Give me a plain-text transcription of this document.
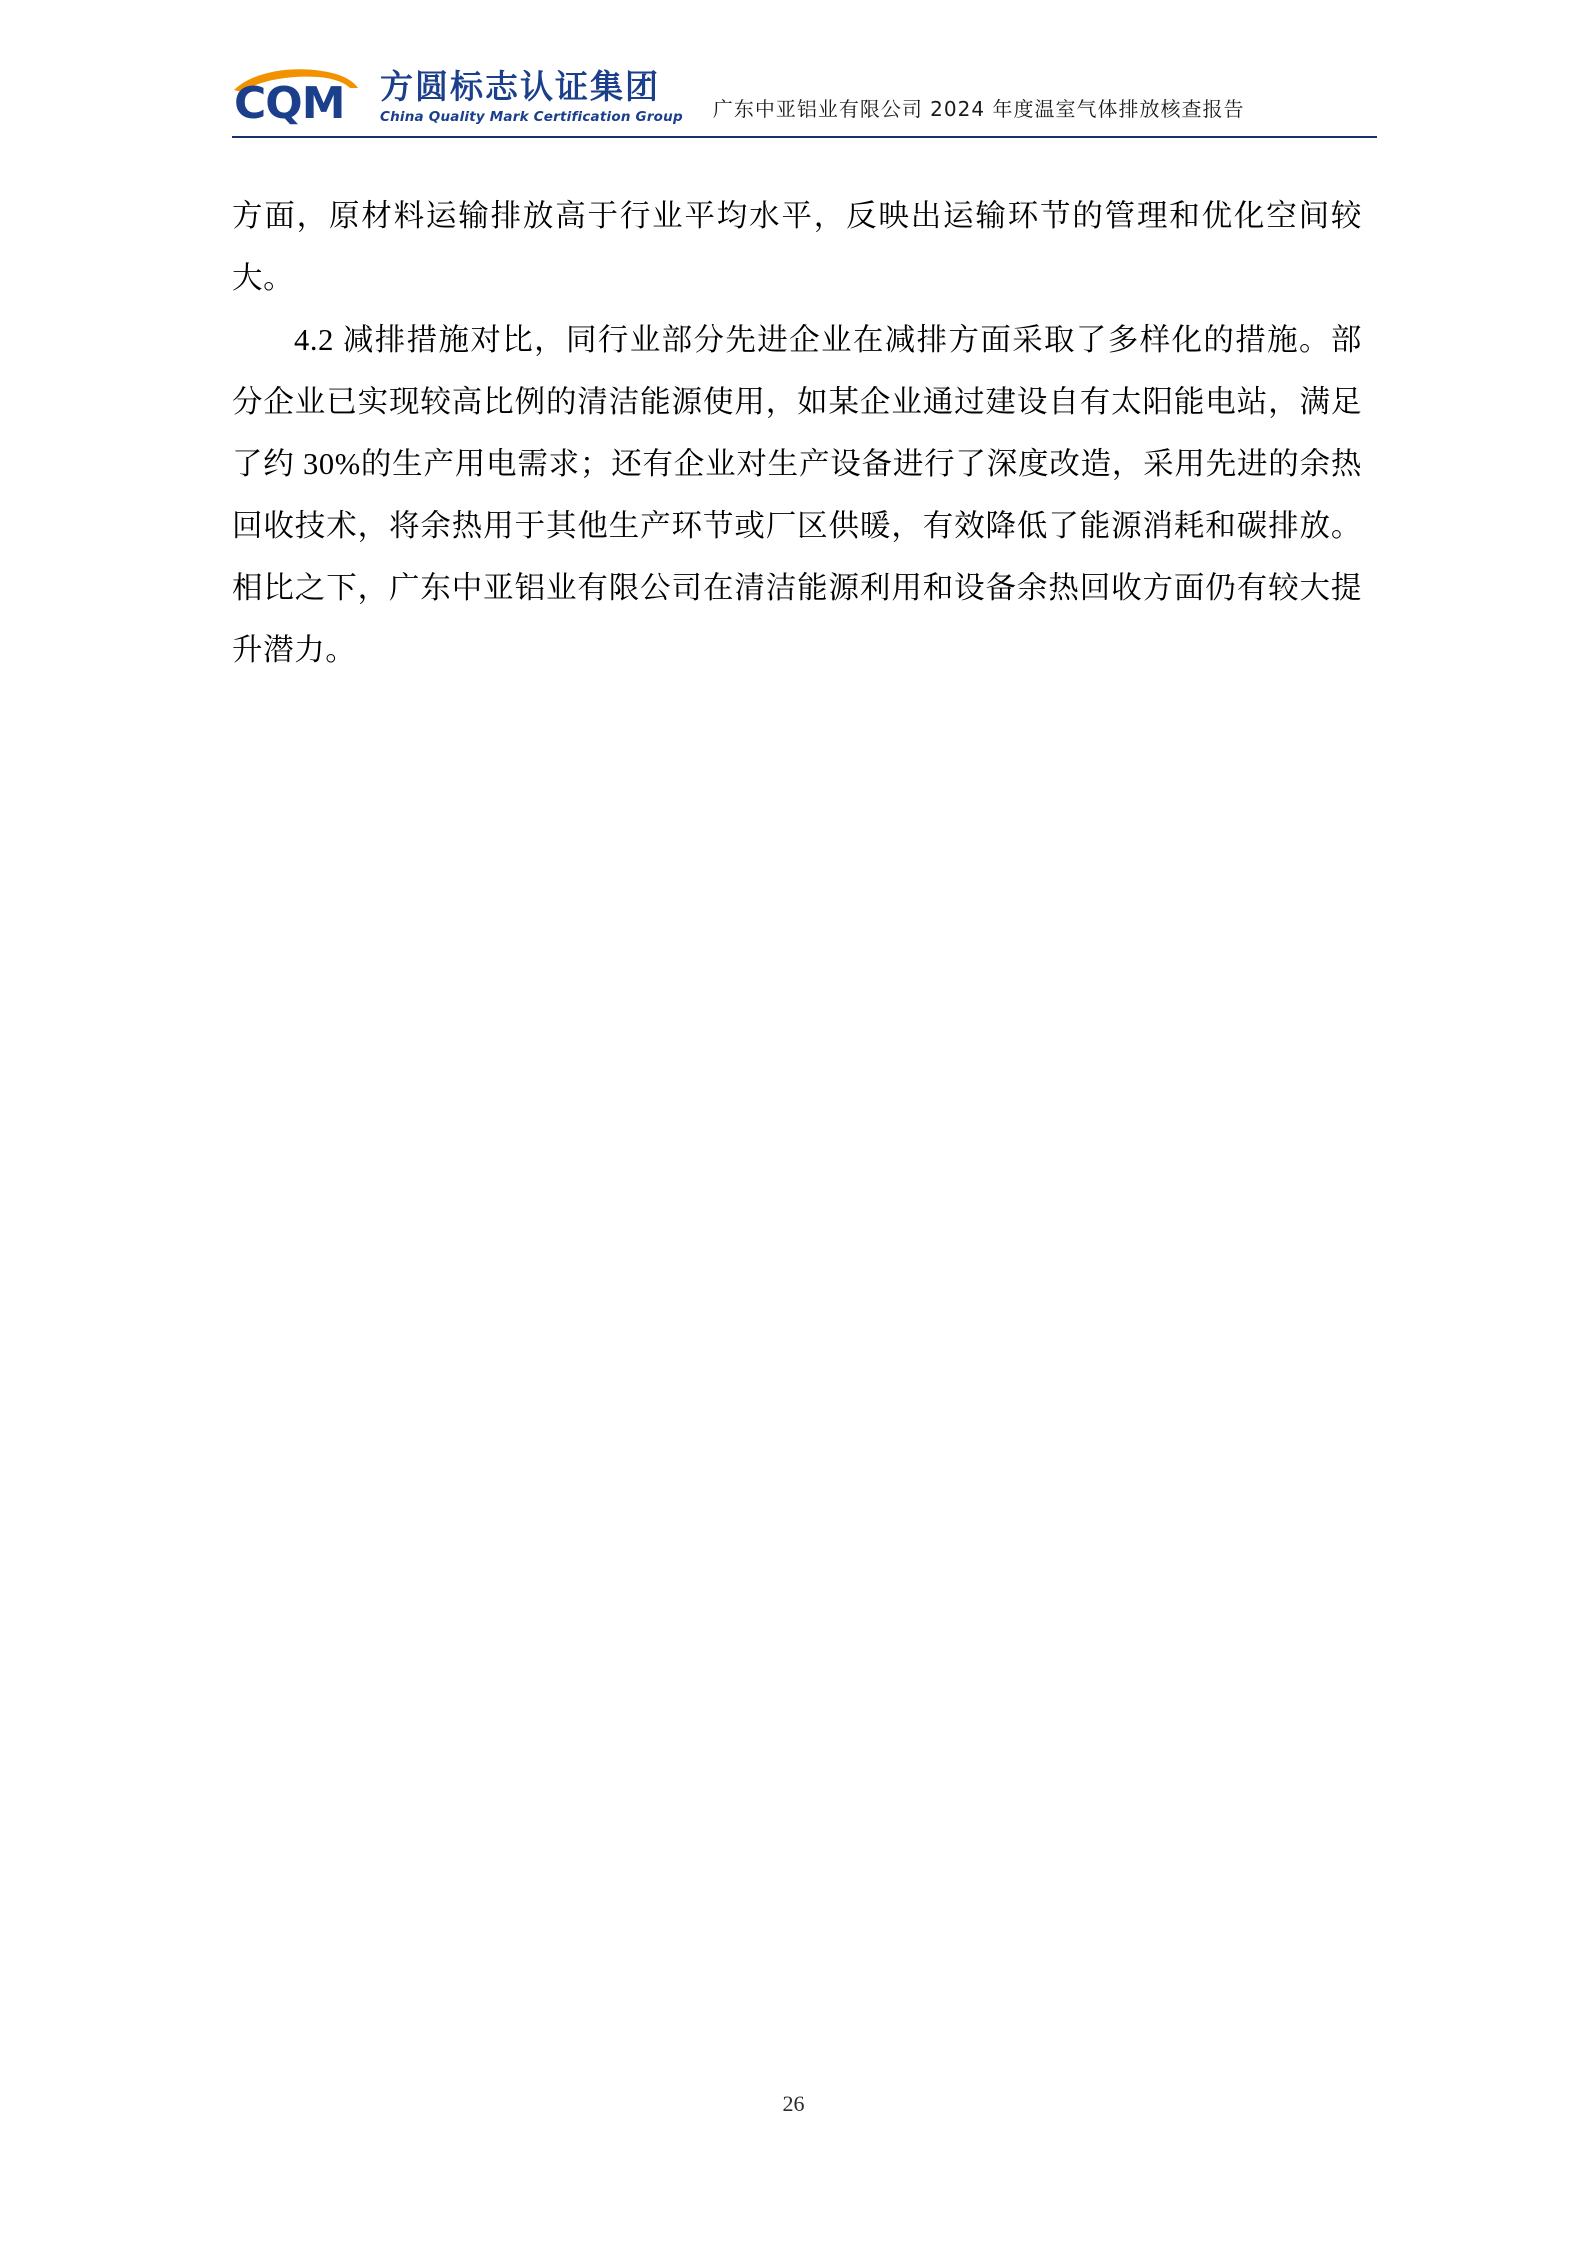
CQM 方圆标志认证集团
China Quality Mark Certification Group 广东中亚铝业有限公司 2024 年度温室气体排放核查报告

方面，原材料运输排放高于行业平均水平，反映出运输环节的管理和优化空间较大。

4.2 减排措施对比，同行业部分先进企业在减排方面采取了多样化的措施。部分企业已实现较高比例的清洁能源使用，如某企业通过建设自有太阳能电站，满足了约 30%的生产用电需求；还有企业对生产设备进行了深度改造，采用先进的余热回收技术，将余热用于其他生产环节或厂区供暖，有效降低了能源消耗和碳排放。相比之下，广东中亚铝业有限公司在清洁能源利用和设备余热回收方面仍有较大提升潜力。

26
